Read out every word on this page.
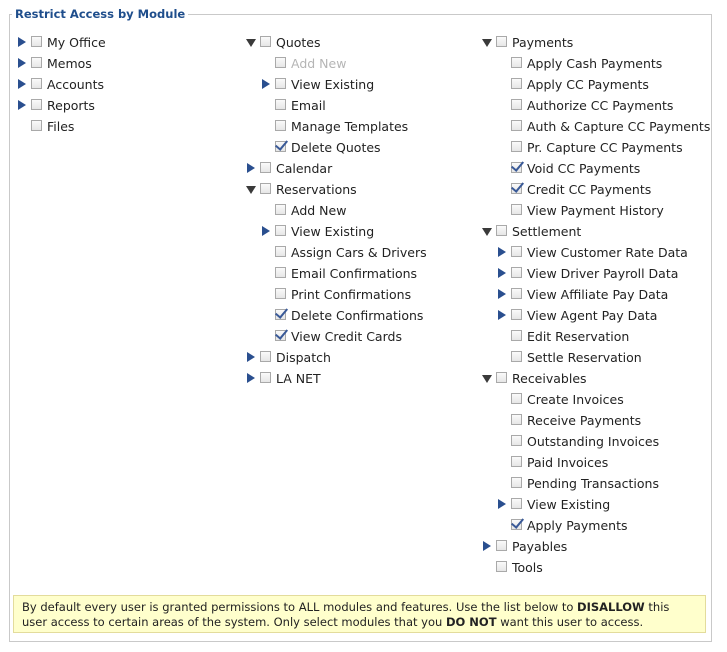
Restrict Access by Module
My Office
Memos
Accounts
Reports
Files
Quotes
Add New
View Existing
Email
Manage Templates
Delete Quotes
Calendar
Reservations
Add New
View Existing
Assign Cars & Drivers
Email Confirmations
Print Confirmations
Delete Confirmations
View Credit Cards
Dispatch
LA NET
Payments
Apply Cash Payments
Apply CC Payments
Authorize CC Payments
Auth & Capture CC Payments
Pr. Capture CC Payments
Void CC Payments
Credit CC Payments
View Payment History
Settlement
View Customer Rate Data
View Driver Payroll Data
View Affiliate Pay Data
View Agent Pay Data
Edit Reservation
Settle Reservation
Receivables
Create Invoices
Receive Payments
Outstanding Invoices
Paid Invoices
Pending Transactions
View Existing
Apply Payments
Payables
Tools
By default every user is granted permissions to ALL modules and features. Use the list below to DISALLOW this user access to certain areas of the system. Only select modules that you DO NOT want this user to access.
